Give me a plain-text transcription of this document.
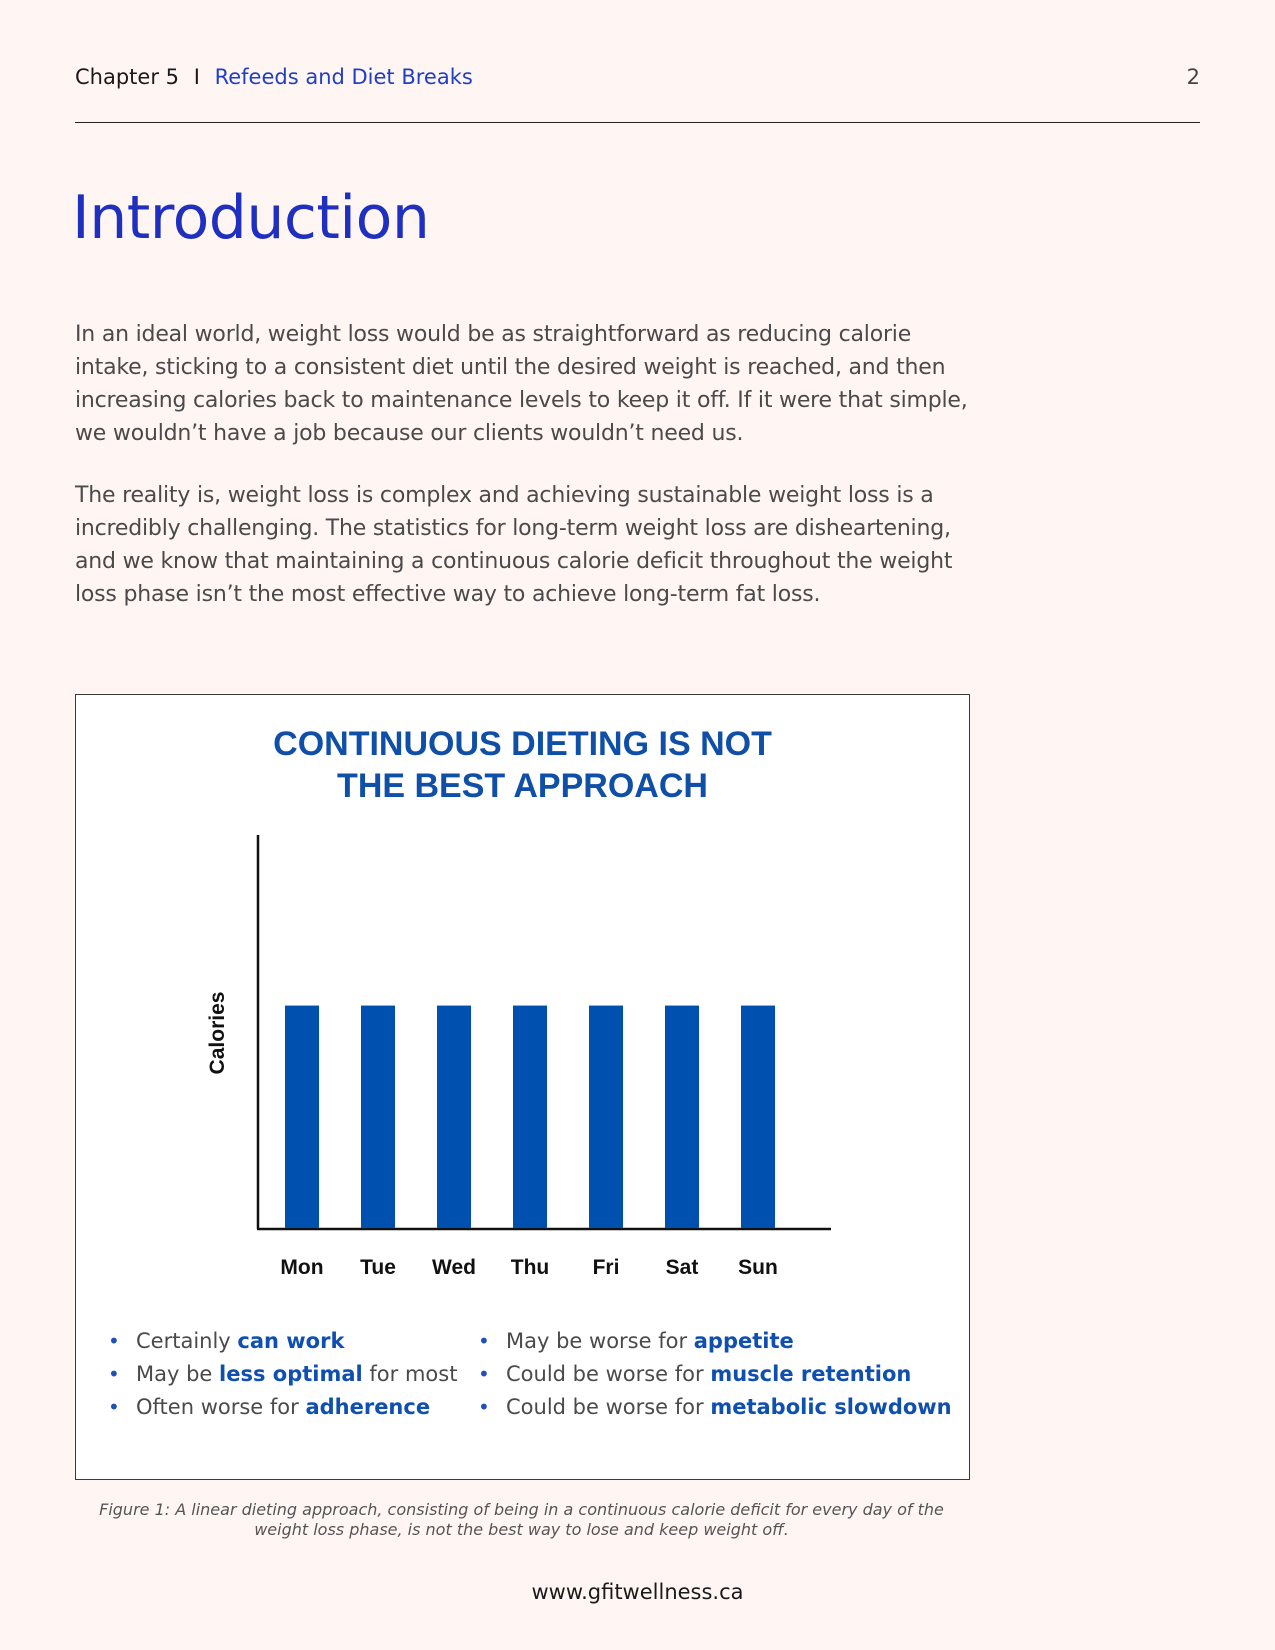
Chapter 5 I Refeeds and Diet Breaks	2
Introduction

In an ideal world, weight loss would be as straightforward as reducing calorie intake, sticking to a consistent diet until the desired weight is reached, and then increasing calories back to maintenance levels to keep it off. If it were that simple, we wouldn’t have a job because our clients wouldn’t need us.

The reality is, weight loss is complex and achieving sustainable weight loss is a incredibly challenging. The statistics for long-term weight loss are disheartening, and we know that maintaining a continuous calorie deficit throughout the weight loss phase isn’t the most effective way to achieve long-term fat loss.

CONTINUOUS DIETING IS NOT
THE BEST APPROACH
Calories
Mon Tue Wed Thu Fri Sat Sun
• Certainly can work
• May be less optimal for most
• Often worse for adherence
• May be worse for appetite
• Could be worse for muscle retention
• Could be worse for metabolic slowdown
Figure 1: A linear dieting approach, consisting of being in a continuous calorie deficit for every day of the
weight loss phase, is not the best way to lose and keep weight off.
www.gfitwellness.ca
